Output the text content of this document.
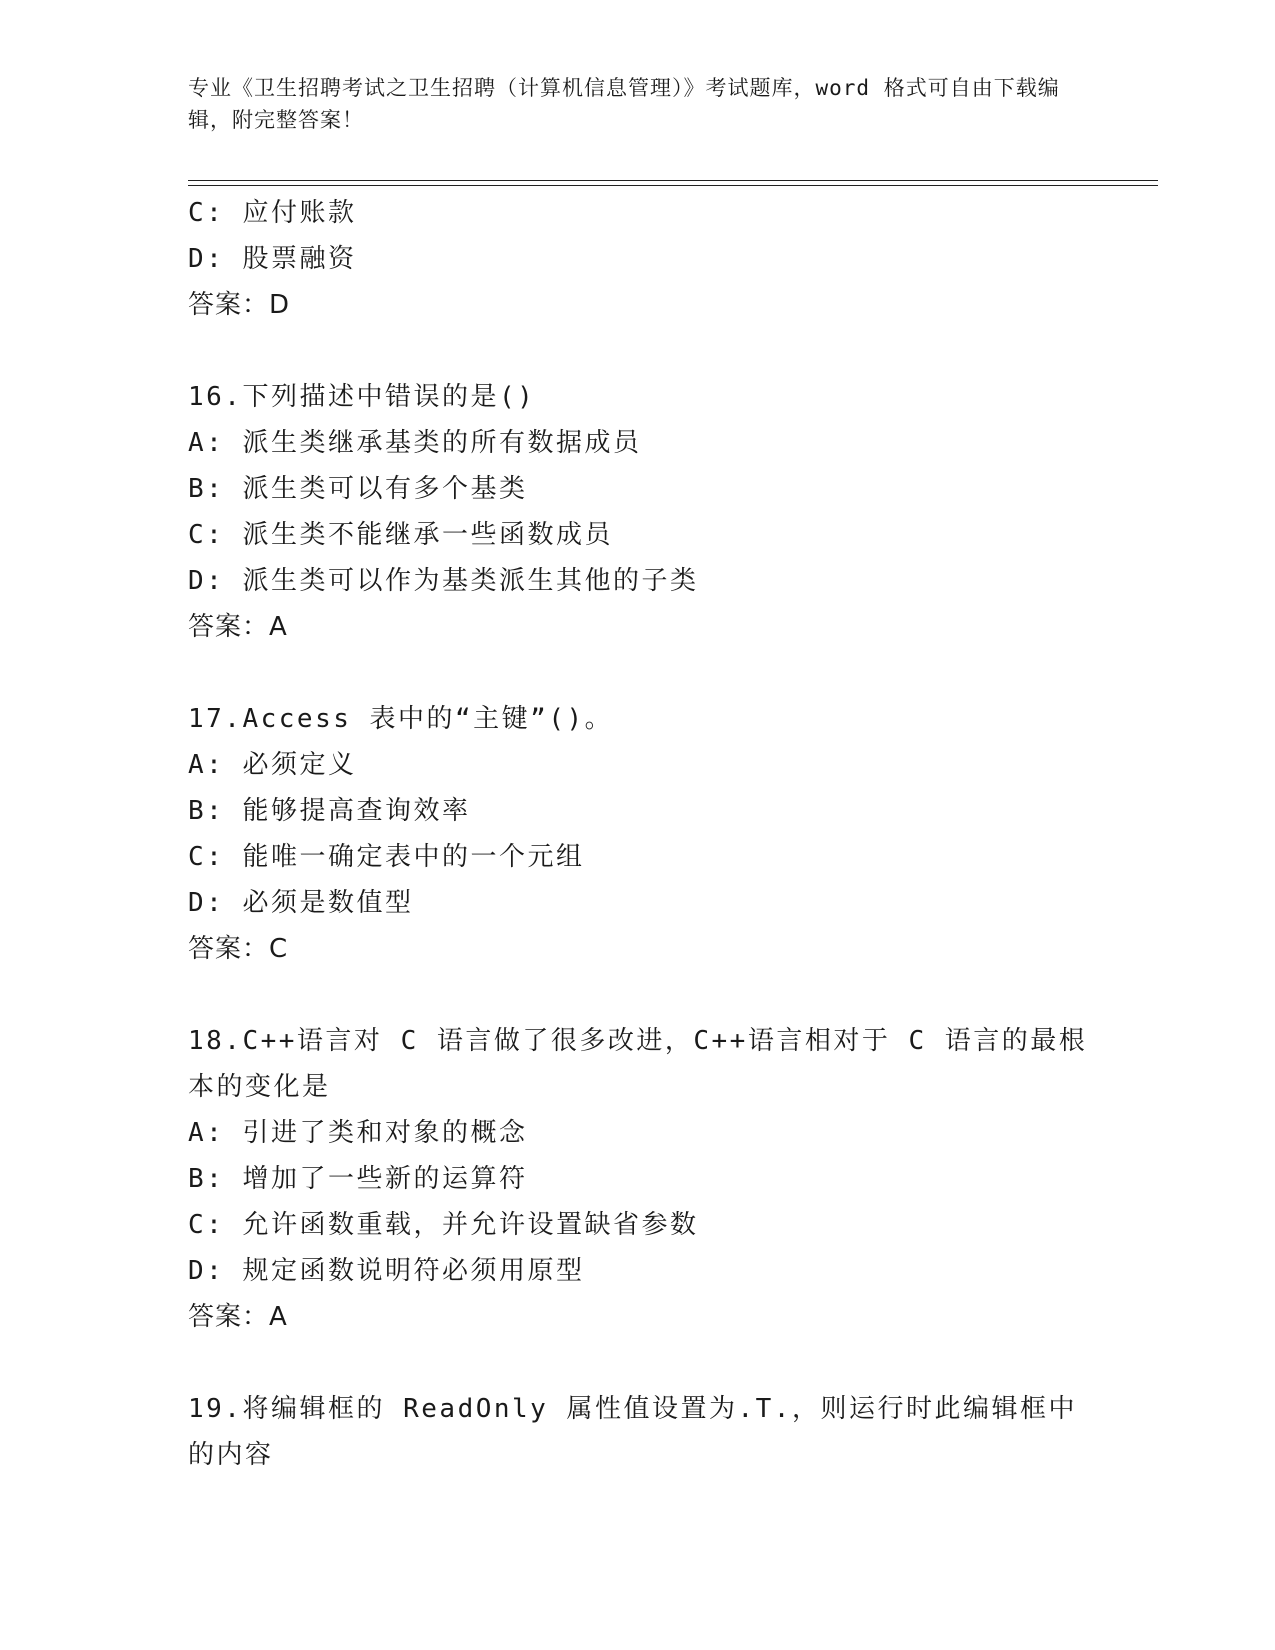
专业《卫生招聘考试之卫生招聘（计算机信息管理）》考试题库，word 格式可自由下载编辑，附完整答案！
C: 应付账款
D: 股票融资
答案：D
16.下列描述中错误的是()
A: 派生类继承基类的所有数据成员
B: 派生类可以有多个基类
C: 派生类不能继承一些函数成员
D: 派生类可以作为基类派生其他的子类
答案：A
17.Access 表中的“主键”()。
A: 必须定义
B: 能够提高查询效率
C: 能唯一确定表中的一个元组
D: 必须是数值型
答案：C
18.C++语言对 C 语言做了很多改进，C++语言相对于 C 语言的最根本的变化是
A: 引进了类和对象的概念
B: 增加了一些新的运算符
C: 允许函数重载，并允许设置缺省参数
D: 规定函数说明符必须用原型
答案：A
19.将编辑框的 ReadOnly 属性值设置为.T.，则运行时此编辑框中的内容
